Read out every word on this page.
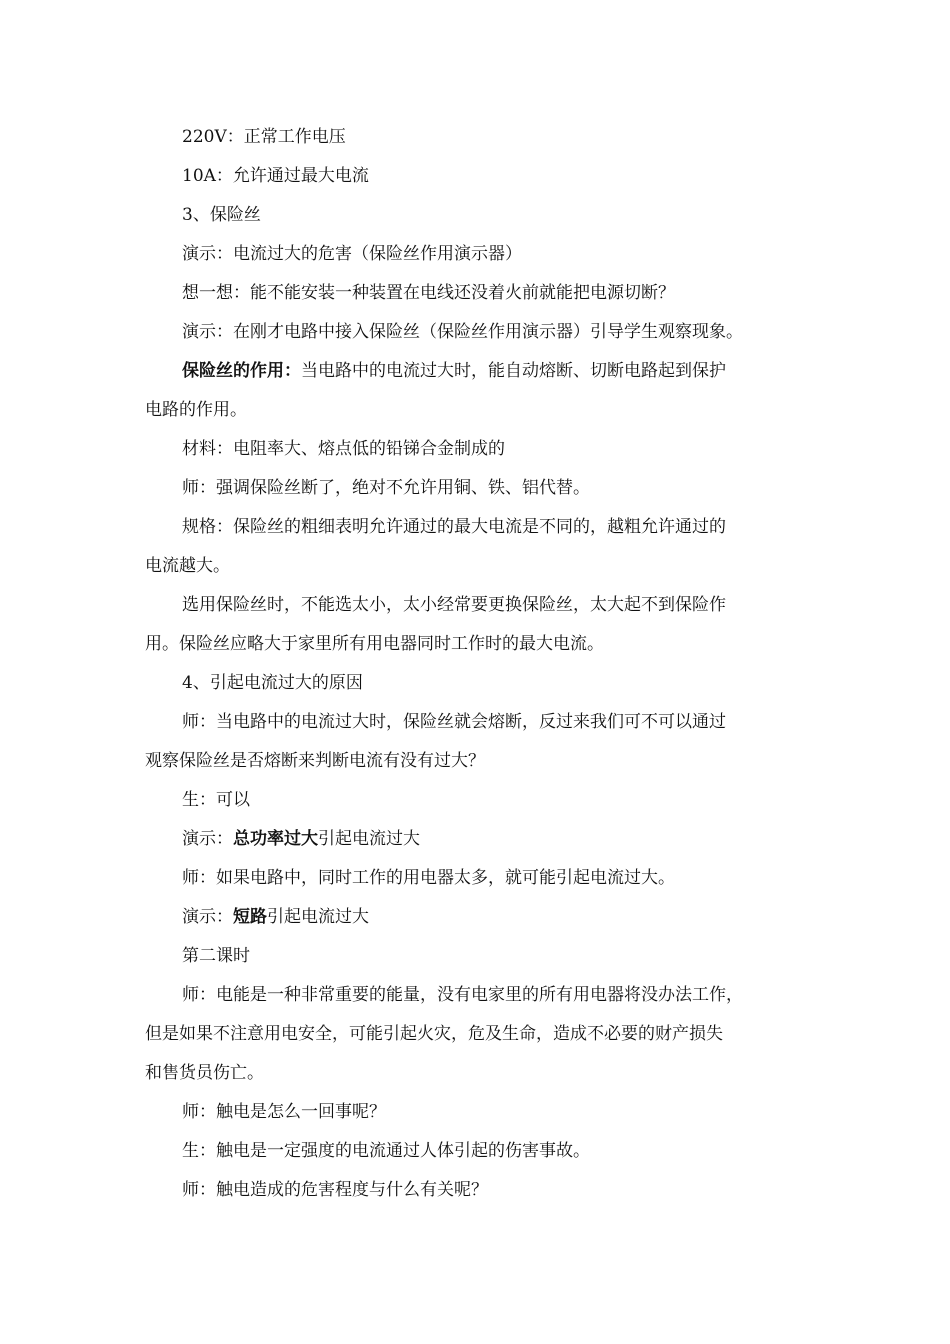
220V：正常工作电压

10A：允许通过最大电流

3、保险丝

演示：电流过大的危害（保险丝作用演示器）

想一想：能不能安装一种装置在电线还没着火前就能把电源切断？

演示：在刚才电路中接入保险丝（保险丝作用演示器）引导学生观察现象。

保险丝的作用：当电路中的电流过大时，能自动熔断、切断电路起到保护

电路的作用。

材料：电阻率大、熔点低的铅锑合金制成的

师：强调保险丝断了，绝对不允许用铜、铁、铝代替。

规格：保险丝的粗细表明允许通过的最大电流是不同的，越粗允许通过的

电流越大。

选用保险丝时，不能选太小，太小经常要更换保险丝，太大起不到保险作

用。保险丝应略大于家里所有用电器同时工作时的最大电流。

4、引起电流过大的原因

师：当电路中的电流过大时，保险丝就会熔断，反过来我们可不可以通过

观察保险丝是否熔断来判断电流有没有过大？

生：可以

演示：总功率过大引起电流过大

师：如果电路中，同时工作的用电器太多，就可能引起电流过大。

演示：短路引起电流过大

第二课时

师：电能是一种非常重要的能量，没有电家里的所有用电器将没办法工作，

但是如果不注意用电安全，可能引起火灾，危及生命，造成不必要的财产损失

和售货员伤亡。

师：触电是怎么一回事呢？

生：触电是一定强度的电流通过人体引起的伤害事故。

师：触电造成的危害程度与什么有关呢？
